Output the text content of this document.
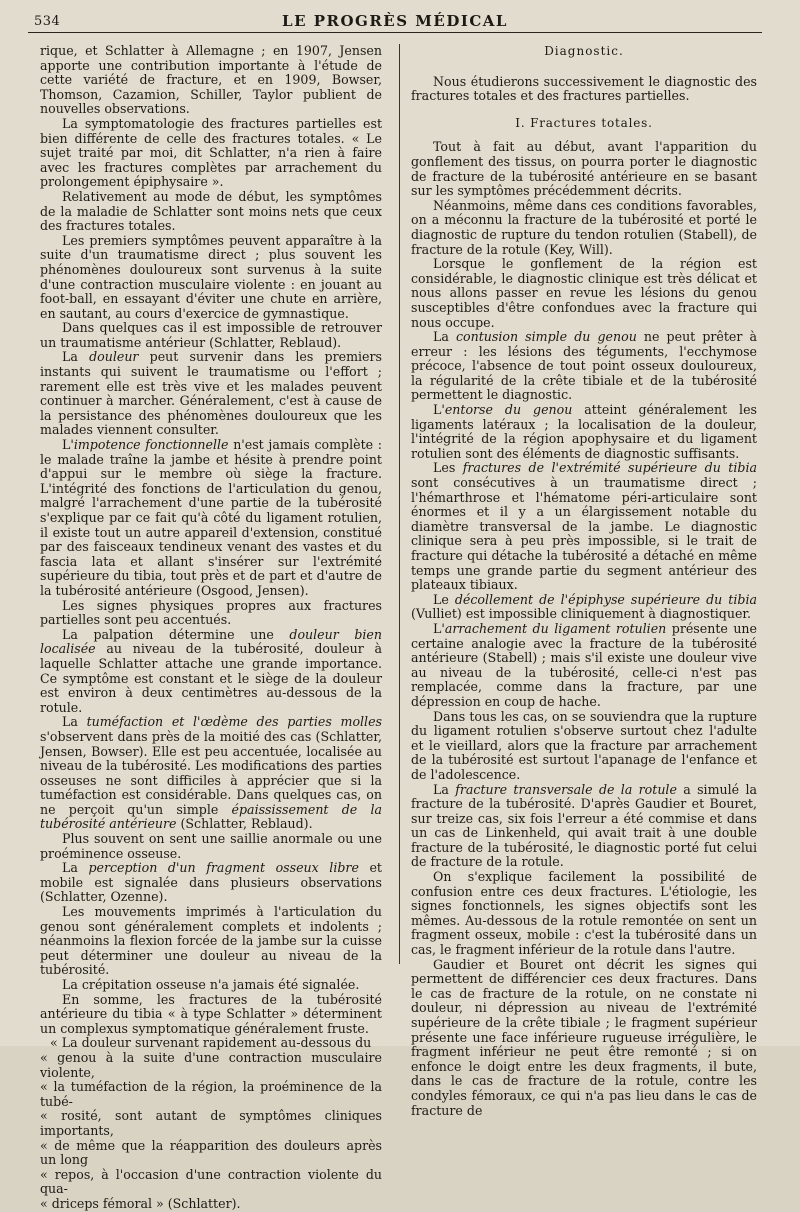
534	LE PROGRÈS MÉDICAL

rique, et Schlatter à Allemagne ; en 1907, Jensen apporte une contribution importante à l'étude de cette variété de fracture, et en 1909, Bowser, Thomson, Cazamion, Schiller, Taylor publient de nouvelles observations.

La symptomatologie des fractures partielles est bien différente de celle des fractures totales. « Le sujet traité par moi, dit Schlatter, n'a rien à faire avec les fractures complètes par arrachement du prolongement épiphysaire ».

Relativement au mode de début, les symptômes de la maladie de Schlatter sont moins nets que ceux des fractures totales.

Les premiers symptômes peuvent apparaître à la suite d'un traumatisme direct ; plus souvent les phénomènes douloureux sont survenus à la suite d'une contraction musculaire violente : en jouant au foot-ball, en essayant d'éviter une chute en arrière, en sautant, au cours d'exercice de gymnastique.

Dans quelques cas il est impossible de retrouver un traumatisme antérieur (Schlatter, Reblaud).

La douleur peut survenir dans les premiers instants qui suivent le traumatisme ou l'effort ; rarement elle est très vive et les malades peuvent continuer à marcher. Généralement, c'est à cause de la persistance des phénomènes douloureux que les malades viennent consulter.

L'impotence fonctionnelle n'est jamais complète : le malade traîne la jambe et hésite à prendre point d'appui sur le membre où siège la fracture. L'intégrité des fonctions de l'articulation du genou, malgré l'arrachement d'une partie de la tubérosité s'explique par ce fait qu'à côté du ligament rotulien, il existe tout un autre appareil d'extension, constitué par des faisceaux tendineux venant des vastes et du fascia lata et allant s'insérer sur l'extrémité supérieure du tibia, tout près et de part et d'autre de la tubérosité antérieure (Osgood, Jensen).

Les signes physiques propres aux fractures partielles sont peu accentués.

La palpation détermine une douleur bien localisée au niveau de la tubérosité, douleur à laquelle Schlatter attache une grande importance. Ce symptôme est constant et le siège de la douleur est environ à deux centimètres au-dessous de la rotule.

La tuméfaction et l'œdème des parties molles s'observent dans près de la moitié des cas (Schlatter, Jensen, Bowser). Elle est peu accentuée, localisée au niveau de la tubérosité. Les modifications des parties osseuses ne sont difficiles à apprécier que si la tuméfaction est considérable. Dans quelques cas, on ne perçoit qu'un simple épaississement de la tubérosité antérieure (Schlatter, Reblaud).

Plus souvent on sent une saillie anormale ou une proéminence osseuse.

La perception d'un fragment osseux libre et mobile est signalée dans plusieurs observations (Schlatter, Ozenne).

Les mouvements imprimés à l'articulation du genou sont généralement complets et indolents ; néanmoins la flexion forcée de la jambe sur la cuisse peut déterminer une douleur au niveau de la tubérosité.

La crépitation osseuse n'a jamais été signalée.

En somme, les fractures de la tubérosité antérieure du tibia « à type Schlatter » déterminent un complexus symptomatique généralement fruste.

« La douleur survenant rapidement au-dessous du

« genou à la suite d'une contraction musculaire violente,

« la tuméfaction de la région, la proéminence de la tubé-

« rosité, sont autant de symptômes cliniques importants,

« de même que la réapparition des douleurs après un long

« repos, à l'occasion d'une contraction violente du qua-

« driceps fémoral » (Schlatter).

Diagnostic.

Nous étudierons successivement le diagnostic des fractures totales et des fractures partielles.

I. Fractures totales.

Tout à fait au début, avant l'apparition du gonflement des tissus, on pourra porter le diagnostic de fracture de la tubérosité antérieure en se basant sur les symptômes précédemment décrits.

Néanmoins, même dans ces conditions favorables, on a méconnu la fracture de la tubérosité et porté le diagnostic de rupture du tendon rotulien (Stabell), de fracture de la rotule (Key, Will).

Lorsque le gonflement de la région est considérable, le diagnostic clinique est très délicat et nous allons passer en revue les lésions du genou susceptibles d'être confondues avec la fracture qui nous occupe.

La contusion simple du genou ne peut prêter à erreur : les lésions des téguments, l'ecchymose précoce, l'absence de tout point osseux douloureux, la régularité de la crête tibiale et de la tubérosité permettent le diagnostic.

L'entorse du genou atteint généralement les ligaments latéraux ; la localisation de la douleur, l'intégrité de la région apophysaire et du ligament rotulien sont des éléments de diagnostic suffisants.

Les fractures de l'extrémité supérieure du tibia sont consécutives à un traumatisme direct ; l'hémarthrose et l'hématome péri-articulaire sont énormes et il y a un élargissement notable du diamètre transversal de la jambe. Le diagnostic clinique sera à peu près impossible, si le trait de fracture qui détache la tubérosité a détaché en même temps une grande partie du segment antérieur des plateaux tibiaux.

Le décollement de l'épiphyse supérieure du tibia (Vulliet) est impossible cliniquement à diagnostiquer.

L'arrachement du ligament rotulien présente une certaine analogie avec la fracture de la tubérosité antérieure (Stabell) ; mais s'il existe une douleur vive au niveau de la tubérosité, celle-ci n'est pas remplacée, comme dans la fracture, par une dépression en coup de hache.

Dans tous les cas, on se souviendra que la rupture du ligament rotulien s'observe surtout chez l'adulte et le vieillard, alors que la fracture par arrachement de la tubérosité est surtout l'apanage de l'enfance et de l'adolescence.

La fracture transversale de la rotule a simulé la fracture de la tubérosité. D'après Gaudier et Bouret, sur treize cas, six fois l'erreur a été commise et dans un cas de Linkenheld, qui avait trait à une double fracture de la tubérosité, le diagnostic porté fut celui de fracture de la rotule.

On s'explique facilement la possibilité de confusion entre ces deux fractures. L'étiologie, les signes fonctionnels, les signes objectifs sont les mêmes. Au-dessous de la rotule remontée on sent un fragment osseux, mobile : c'est la tubérosité dans un cas, le fragment inférieur de la rotule dans l'autre.

Gaudier et Bouret ont décrit les signes qui permettent de différencier ces deux fractures. Dans le cas de fracture de la rotule, on ne constate ni douleur, ni dépression au niveau de l'extrémité supérieure de la crête tibiale ; le fragment supérieur présente une face inférieure rugueuse irrégulière, le fragment inférieur ne peut être remonté ; si on enfonce le doigt entre les deux fragments, il bute, dans le cas de fracture de la rotule, contre les condyles fémoraux, ce qui n'a pas lieu dans le cas de fracture de
